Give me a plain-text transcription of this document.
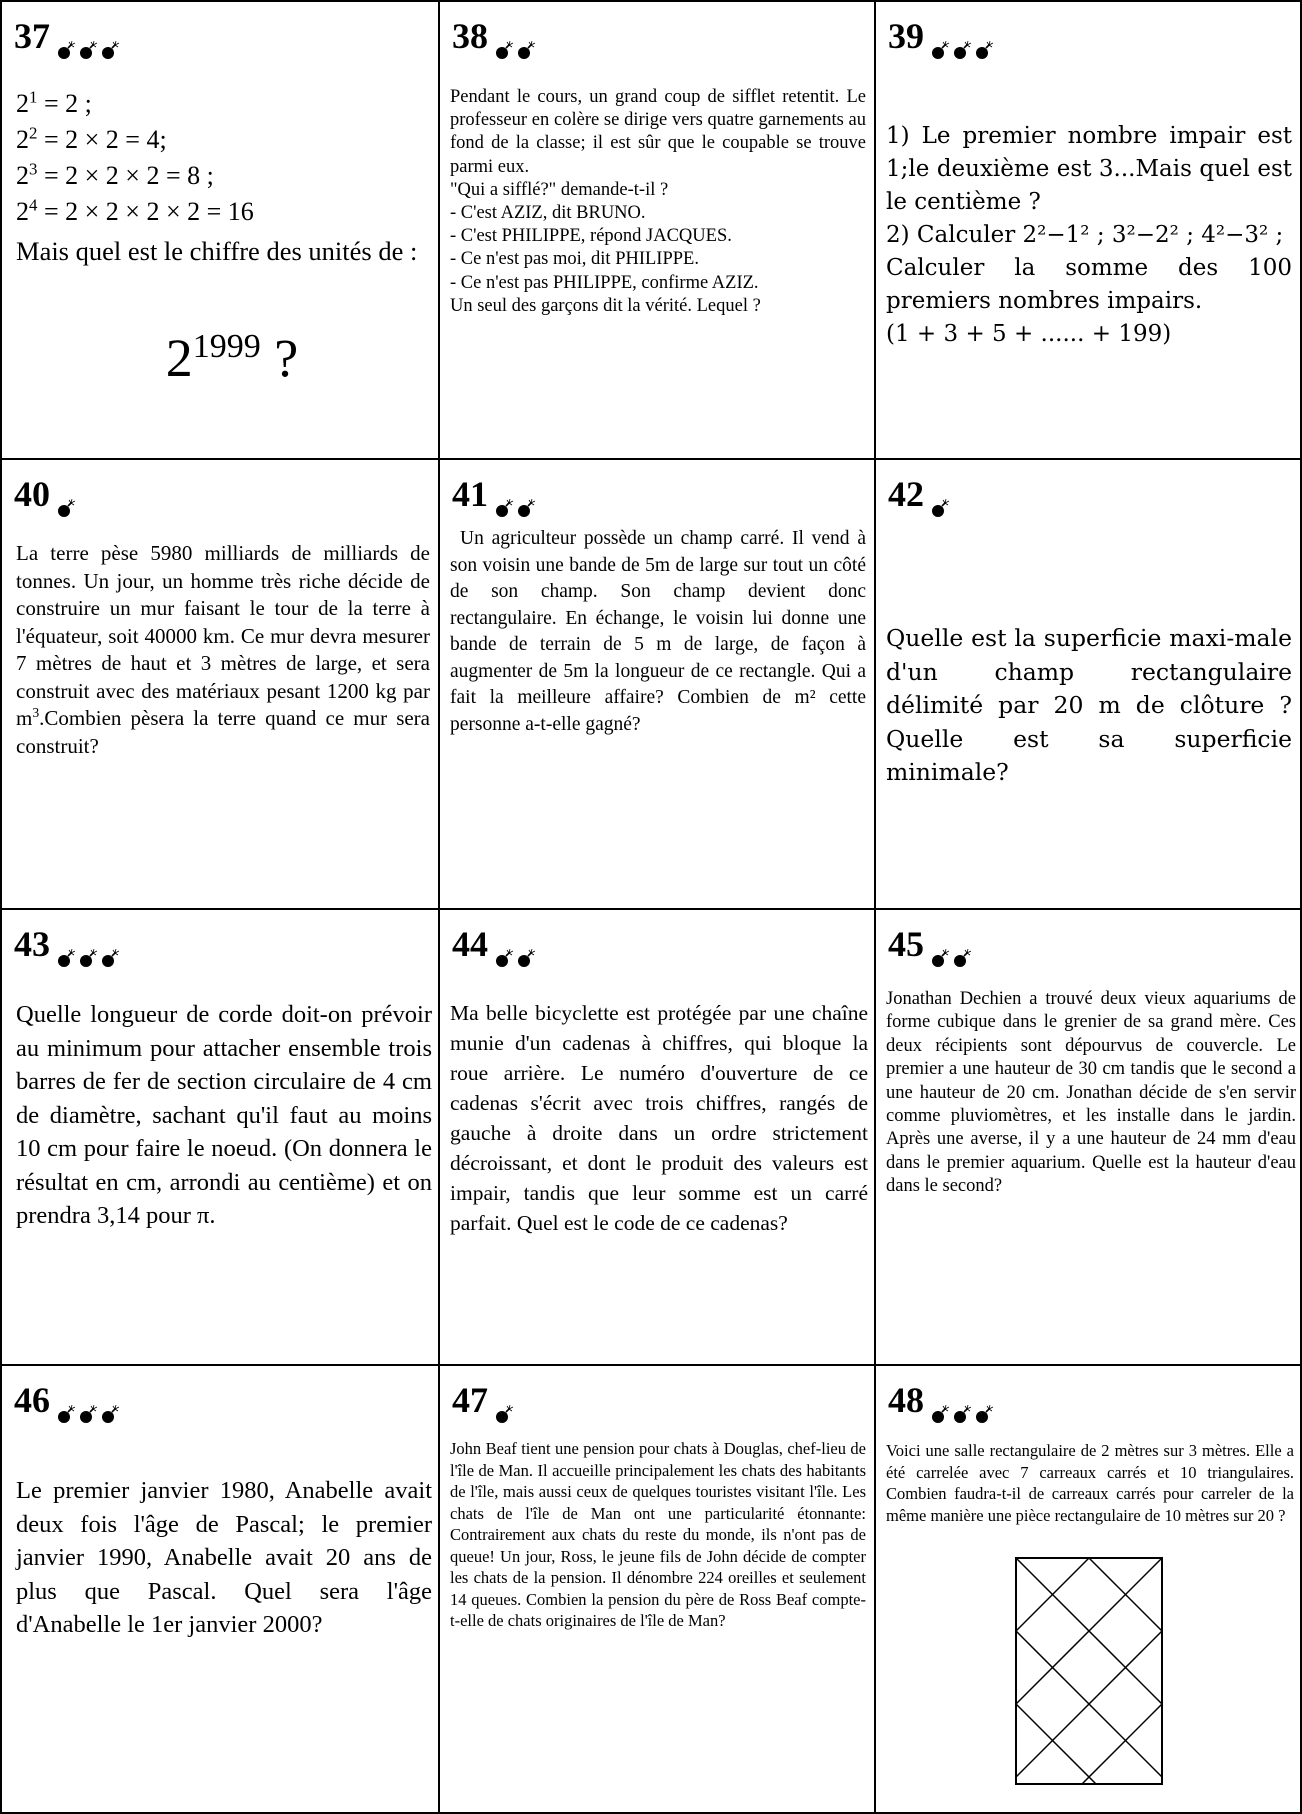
37
$2^1 = 2$ ;
$2^2 = 2 \times 2 = 4$;
$2^3 = 2 \times 2 \times 2 = 8$ ;
$2^4 = 2 \times 2 \times 2 \times 2 = 16$
Mais quel est le chiffre des unités de :
$2^{1999}$ ?
38
Pendant le cours, un grand coup de sifflet retentit. Le professeur en colère se dirige vers quatre garnements au fond de la classe; il est sûr que le coupable se trouve parmi eux.
"Qui a sifflé?" demande-t-il ?
- C'est AZIZ, dit BRUNO.
- C'est PHILIPPE, répond JACQUES.
- Ce n'est pas moi, dit PHILIPPE.
- Ce n'est pas PHILIPPE, confirme AZIZ.
Un seul des garçons dit la vérité. Lequel ?
39
1) Le premier nombre impair est 1;le deuxième est 3...Mais quel est le centième ?
2) Calculer 2²−1² ; 3²−2² ; 4²−3² ;
Calculer la somme des 100 premiers nombres impairs.
(1 + 3 + 5 + ...... + 199)
40
La terre pèse 5980 milliards de milliards de tonnes. Un jour, un homme très riche décide de construire un mur faisant le tour de la terre à l'équateur, soit 40000 km. Ce mur devra mesurer 7 mètres de haut et 3 mètres de large, et sera construit avec des matériaux pesant 1200 kg par $m^3.Combien$ pèsera la terre quand ce mur sera construit?
41
Un agriculteur possède un champ carré. Il vend à son voisin une bande de 5m de large sur tout un côté de son champ. Son champ devient donc rectangulaire. En échange, le voisin lui donne une bande de terrain de 5 m de large, de façon à augmenter de 5m la longueur de ce rectangle. Qui a fait la meilleure affaire? Combien de m² cette personne a-t-elle gagné?
42
Quelle est la superficie maxi-male d'un champ rectangulaire délimité par 20 m de clôture ? Quelle est sa superficie minimale?
43
Quelle longueur de corde doit-on prévoir au minimum pour attacher ensemble trois barres de fer de section circulaire de 4 cm de diamètre, sachant qu'il faut au moins 10 cm pour faire le noeud. (On donnera le résultat en cm, arrondi au centième) et on prendra 3,14 pour π.
44
Ma belle bicyclette est protégée par une chaîne munie d'un cadenas à chiffres, qui bloque la roue arrière. Le numéro d'ouverture de ce cadenas s'écrit avec trois chiffres, rangés de gauche à droite dans un ordre strictement décroissant, et dont le produit des valeurs est impair, tandis que leur somme est un carré parfait. Quel est le code de ce cadenas?
45
Jonathan Dechien a trouvé deux vieux aquariums de forme cubique dans le grenier de sa grand mère. Ces deux récipients sont dépourvus de couvercle. Le premier a une hauteur de 30 cm tandis que le second a une hauteur de 20 cm. Jonathan décide de s'en servir comme pluviomètres, et les installe dans le jardin. Après une averse, il y a une hauteur de 24 mm d'eau dans le premier aquarium. Quelle est la hauteur d'eau dans le second?
46
Le premier janvier 1980, Anabelle avait deux fois l'âge de Pascal; le premier janvier 1990, Anabelle avait 20 ans de plus que Pascal. Quel sera l'âge d'Anabelle le 1er janvier 2000?
47
John Beaf tient une pension pour chats à Douglas, chef-lieu de l'île de Man. Il accueille principalement les chats des habitants de l'île, mais aussi ceux de quelques touristes visitant l'île. Les chats de l'île de Man ont une particularité étonnante: Contrairement aux chats du reste du monde, ils n'ont pas de queue! Un jour, Ross, le jeune fils de John décide de compter les chats de la pension. Il dénombre 224 oreilles et seulement 14 queues. Combien la pension du père de Ross Beaf compte-t-elle de chats originaires de l'île de Man?
48
Voici une salle rectangulaire de 2 mètres sur 3 mètres. Elle a été carrelée avec 7 carreaux carrés et 10 triangulaires. Combien faudra-t-il de carreaux carrés pour carreler de la même manière une pièce rectangulaire de 10 mètres sur 20 ?
